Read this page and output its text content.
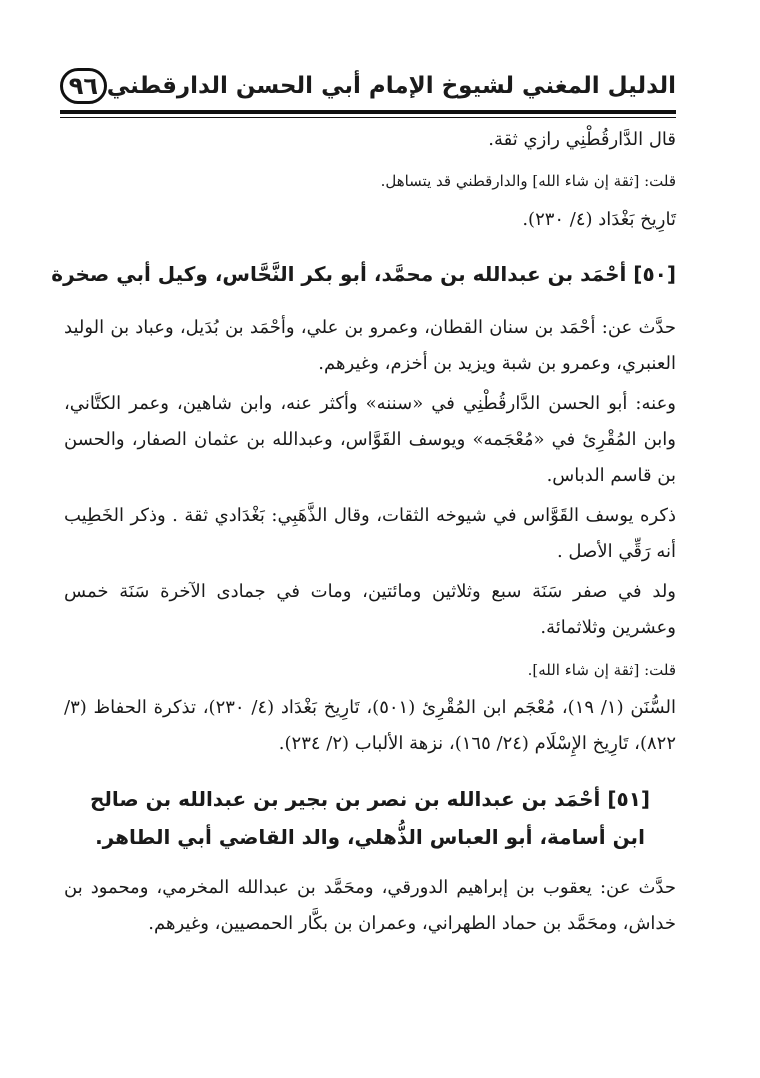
٩٦ الدليل المغني لشيوخ الإمام أبي الحسن الدارقطني

قال الدَّارقُطْنِي رازي ثقة.

قلت: [ثقة إن شاء الله] والدارقطني قد يتساهل.

تَارِيخ بَغْدَاد (٤/ ٢٣٠).

[٥٠] أحْمَد بن عبدالله بن محمَّد، أبو بكر النَّحَّاس، وكيل أبي صخرة

حدَّث عن: أحْمَد بن سنان القطان، وعمرو بن علي، وأحْمَد بن بُدَيل، وعباد بن الوليد العنبري، وعمرو بن شبة ويزيد بن أخزم، وغيرهم.

وعنه: أبو الحسن الدَّارقُطْنِي في «سننه» وأكثر عنه، وابن شاهين، وعمر الكتَّاني، وابن المُقْرِئ في «مُعْجَمه» ويوسف القَوَّاس، وعبدالله بن عثمان الصفار، والحسن بن قاسم الدباس.

ذكره يوسف القَوَّاس في شيوخه الثقات، وقال الذَّهَبِي: بَغْدَادي ثقة . وذكر الخَطِيب أنه رَقِّي الأصل .

ولد في صفر سَنَة سبع وثلاثين ومائتين، ومات في جمادى الآخرة سَنَة خمس وعشرين وثلاثمائة.

قلت: [ثقة إن شاء الله].

السُّنَن (١/ ١٩)، مُعْجَم ابن المُقْرِئ (٥٠١)، تَارِيخ بَغْدَاد (٤/ ٢٣٠)، تذكرة الحفاظ (٣/ ٨٢٢)، تَارِيخ الإِسْلَام (٢٤/ ١٦٥)، نزهة الألباب (٢/ ٢٣٤).

[٥١] أحْمَد بن عبدالله بن نصر بن بجير بن عبدالله بن صالح

ابن أسامة، أبو العباس الذُّهلي، والد القاضي أبي الطاهر.

حدَّث عن: يعقوب بن إبراهيم الدورقي، ومحَمَّد بن عبدالله المخرمي، ومحمود بن خداش، ومحَمَّد بن حماد الطهراني، وعمران بن بكَّار الحمصيين، وغيرهم.
